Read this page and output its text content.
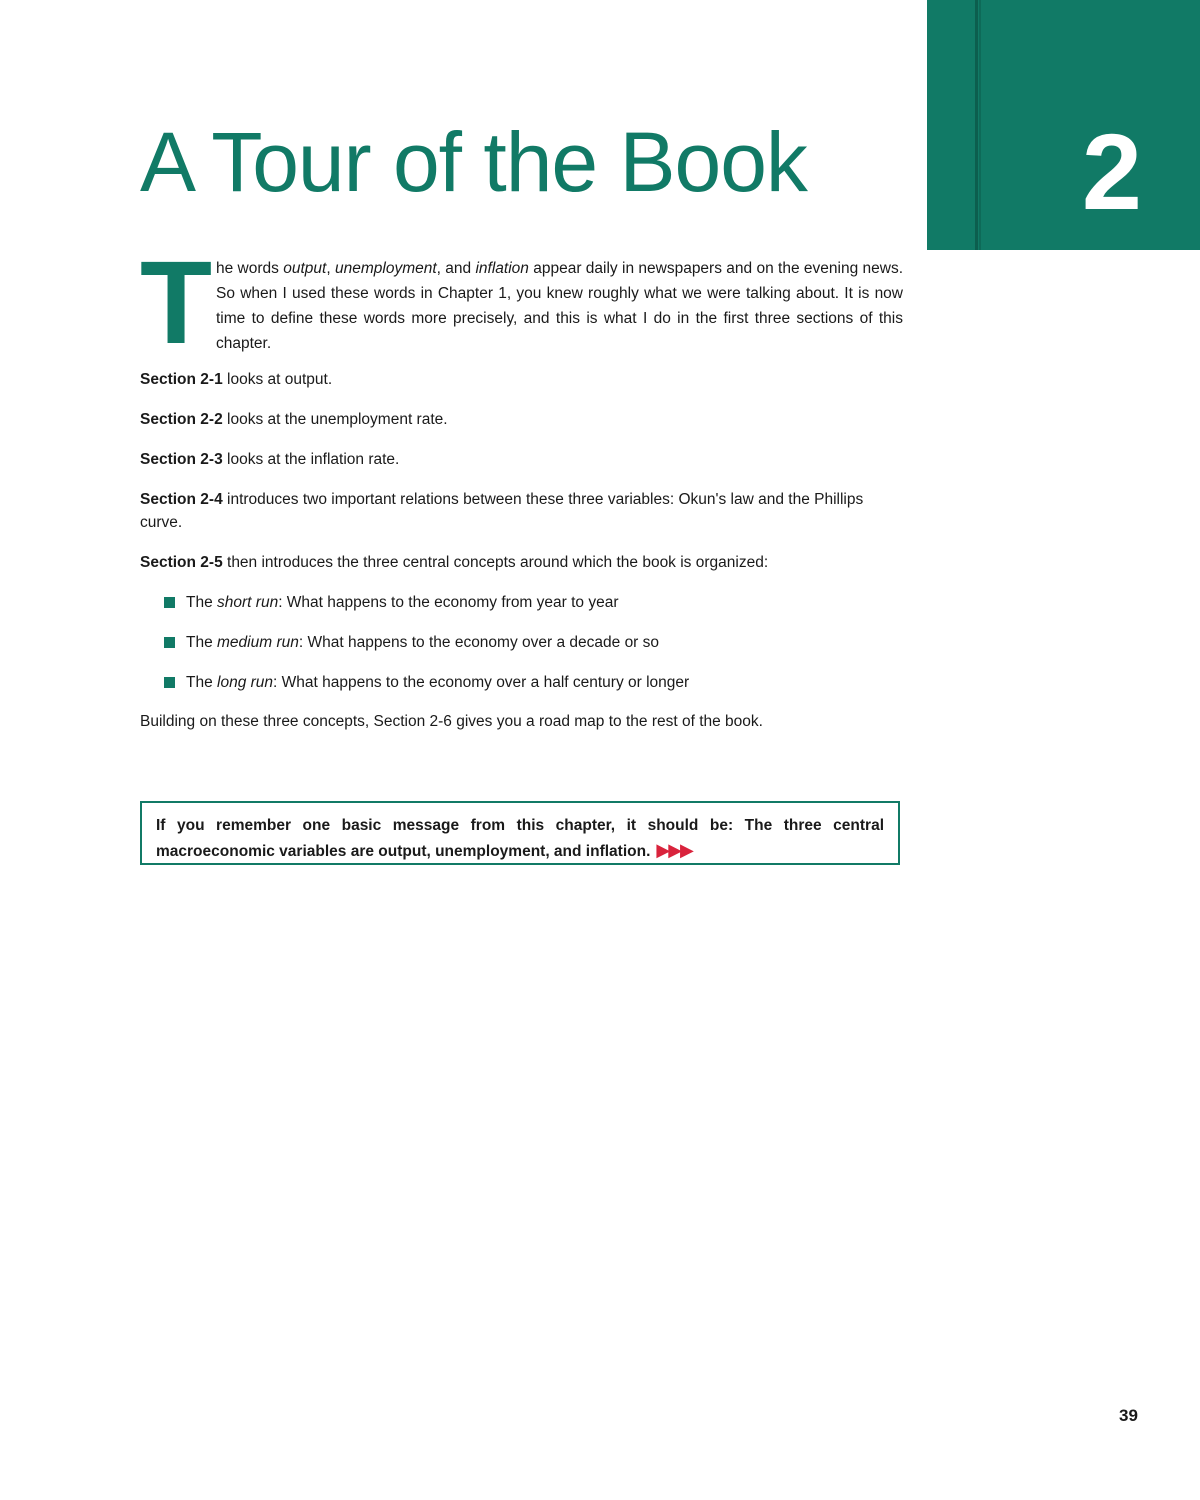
2
A Tour of the Book
T he words output, unemployment, and inflation appear daily in newspapers and on the evening news. So when I used these words in Chapter 1, you knew roughly what we were talking about. It is now time to define these words more precisely, and this is what I do in the first three sections of this chapter.

Section 2-1 looks at output.

Section 2-2 looks at the unemployment rate.

Section 2-3 looks at the inflation rate.

Section 2-4 introduces two important relations between these three variables: Okun's law and the Phillips curve.

Section 2-5 then introduces the three central concepts around which the book is organized:

The short run: What happens to the economy from year to year
The medium run: What happens to the economy over a decade or so
The long run: What happens to the economy over a half century or longer

Building on these three concepts, Section 2-6 gives you a road map to the rest of the book.

If you remember one basic message from this chapter, it should be: The three central macroeconomic variables are output, unemployment, and inflation. ▶▶▶
39
